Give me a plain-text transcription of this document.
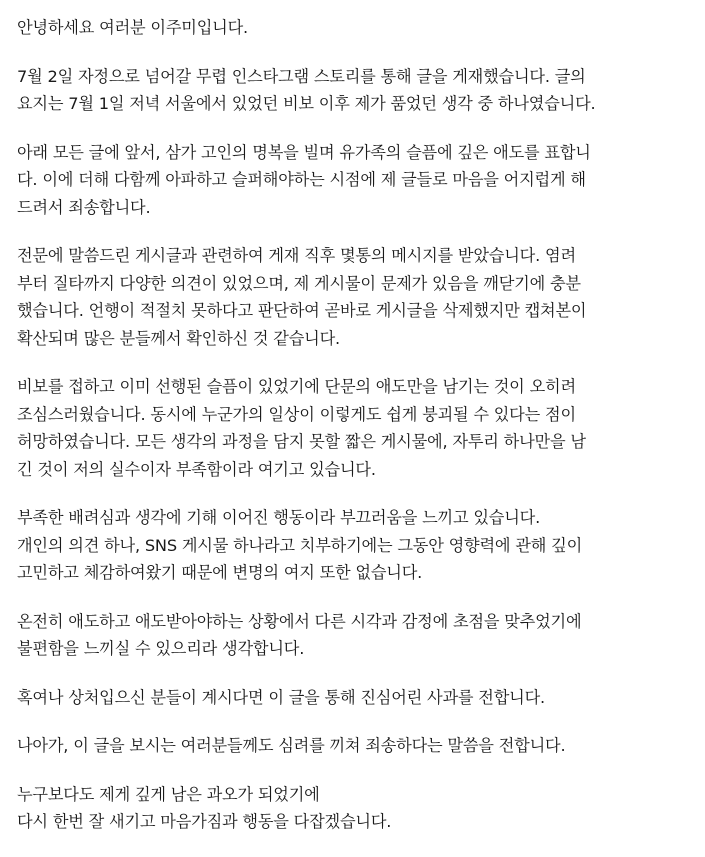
안녕하세요 여러분 이주미입니다.
7월 2일 자정으로 넘어갈 무렵 인스타그램 스토리를 통해 글을 게재했습니다. 글의
요지는 7월 1일 저녁 서울에서 있었던 비보 이후 제가 품었던 생각 중 하나였습니다.
아래 모든 글에 앞서, 삼가 고인의 명복을 빌며 유가족의 슬픔에 깊은 애도를 표합니
다. 이에 더해 다함께 아파하고 슬퍼해야하는 시점에 제 글들로 마음을 어지럽게 해
드려서 죄송합니다.
전문에 말씀드린 게시글과 관련하여 게재 직후 몇통의 메시지를 받았습니다. 염려
부터 질타까지 다양한 의견이 있었으며, 제 게시물이 문제가 있음을 깨닫기에 충분
했습니다. 언행이 적절치 못하다고 판단하여 곧바로 게시글을 삭제했지만 캡쳐본이
확산되며 많은 분들께서 확인하신 것 같습니다.
비보를 접하고 이미 선행된 슬픔이 있었기에 단문의 애도만을 남기는 것이 오히려
조심스러웠습니다. 동시에 누군가의 일상이 이렇게도 쉽게 붕괴될 수 있다는 점이
허망하였습니다. 모든 생각의 과정을 담지 못할 짧은 게시물에, 자투리 하나만을 남
긴 것이 저의 실수이자 부족함이라 여기고 있습니다.
부족한 배려심과 생각에 기해 이어진 행동이라 부끄러움을 느끼고 있습니다.
개인의 의견 하나, SNS 게시물 하나라고 치부하기에는 그동안 영향력에 관해 깊이
고민하고 체감하여왔기 때문에 변명의 여지 또한 없습니다.
온전히 애도하고 애도받아야하는 상황에서 다른 시각과 감정에 초점을 맞추었기에
불편함을 느끼실 수 있으리라 생각합니다.
혹여나 상처입으신 분들이 계시다면 이 글을 통해 진심어린 사과를 전합니다.
나아가, 이 글을 보시는 여러분들께도 심려를 끼쳐 죄송하다는 말씀을 전합니다.
누구보다도 제게 깊게 남은 과오가 되었기에
다시 한번 잘 새기고 마음가짐과 행동을 다잡겠습니다.
